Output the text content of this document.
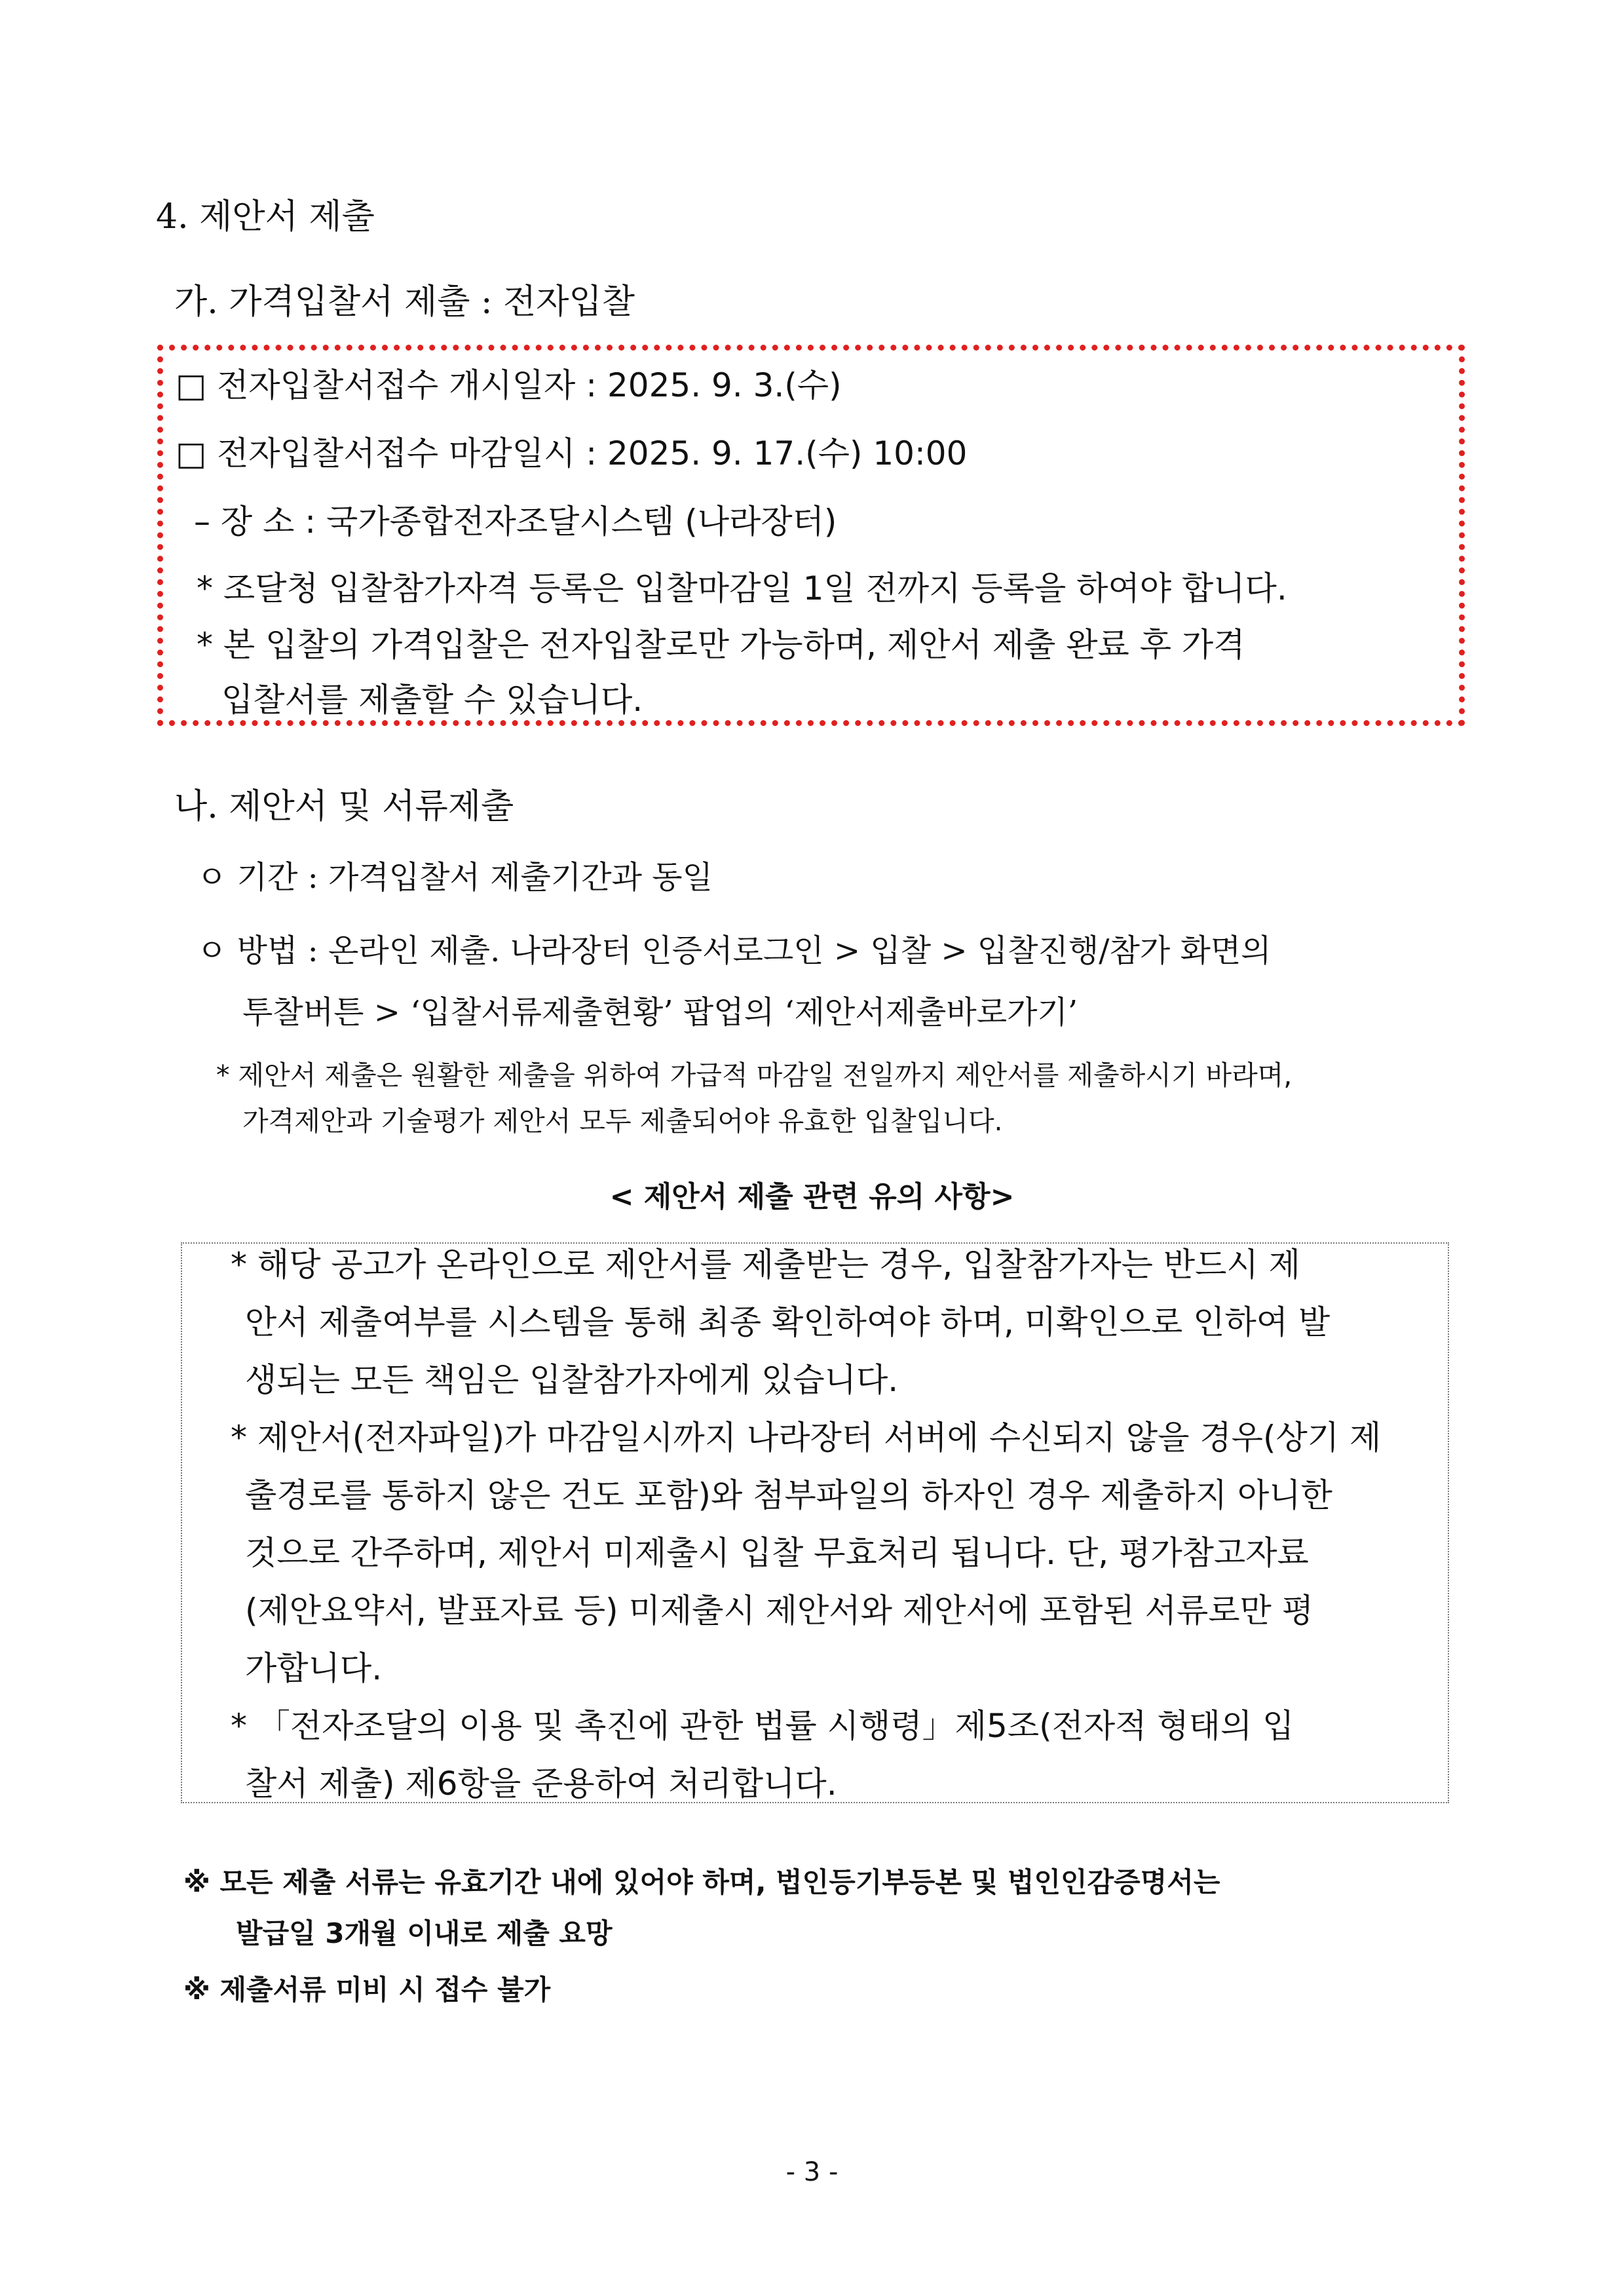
4. 제안서 제출
가. 가격입찰서 제출 : 전자입찰
□ 전자입찰서접수 개시일자 : 2025. 9. 3.(수)
□ 전자입찰서접수 마감일시 : 2025. 9. 17.(수) 10:00
– 장 소 : 국가종합전자조달시스템 (나라장터)
* 조달청 입찰참가자격 등록은 입찰마감일 1일 전까지 등록을 하여야 합니다.
* 본 입찰의 가격입찰은 전자입찰로만 가능하며, 제안서 제출 완료 후 가격
입찰서를 제출할 수 있습니다.
나. 제안서 및 서류제출
ㅇ 기간 : 가격입찰서 제출기간과 동일
ㅇ 방법 : 온라인 제출. 나라장터 인증서로그인 > 입찰 > 입찰진행/참가 화면의
투찰버튼 > ‘입찰서류제출현황’ 팝업의 ‘제안서제출바로가기’
* 제안서 제출은 원활한 제출을 위하여 가급적 마감일 전일까지 제안서를 제출하시기 바라며,
가격제안과 기술평가 제안서 모두 제출되어야 유효한 입찰입니다.
< 제안서 제출 관련 유의 사항>
* 해당 공고가 온라인으로 제안서를 제출받는 경우, 입찰참가자는 반드시 제
안서 제출여부를 시스템을 통해 최종 확인하여야 하며, 미확인으로 인하여 발
생되는 모든 책임은 입찰참가자에게 있습니다.
* 제안서(전자파일)가 마감일시까지 나라장터 서버에 수신되지 않을 경우(상기 제
출경로를 통하지 않은 건도 포함)와 첨부파일의 하자인 경우 제출하지 아니한
것으로 간주하며, 제안서 미제출시 입찰 무효처리 됩니다. 단, 평가참고자료
(제안요약서, 발표자료 등) 미제출시 제안서와 제안서에 포함된 서류로만 평
가합니다.
* 「전자조달의 이용 및 촉진에 관한 법률 시행령」제5조(전자적 형태의 입
찰서 제출) 제6항을 준용하여 처리합니다.
※ 모든 제출 서류는 유효기간 내에 있어야 하며, 법인등기부등본 및 법인인감증명서는
발급일 3개월 이내로 제출 요망
※ 제출서류 미비 시 접수 불가
- 3 -
